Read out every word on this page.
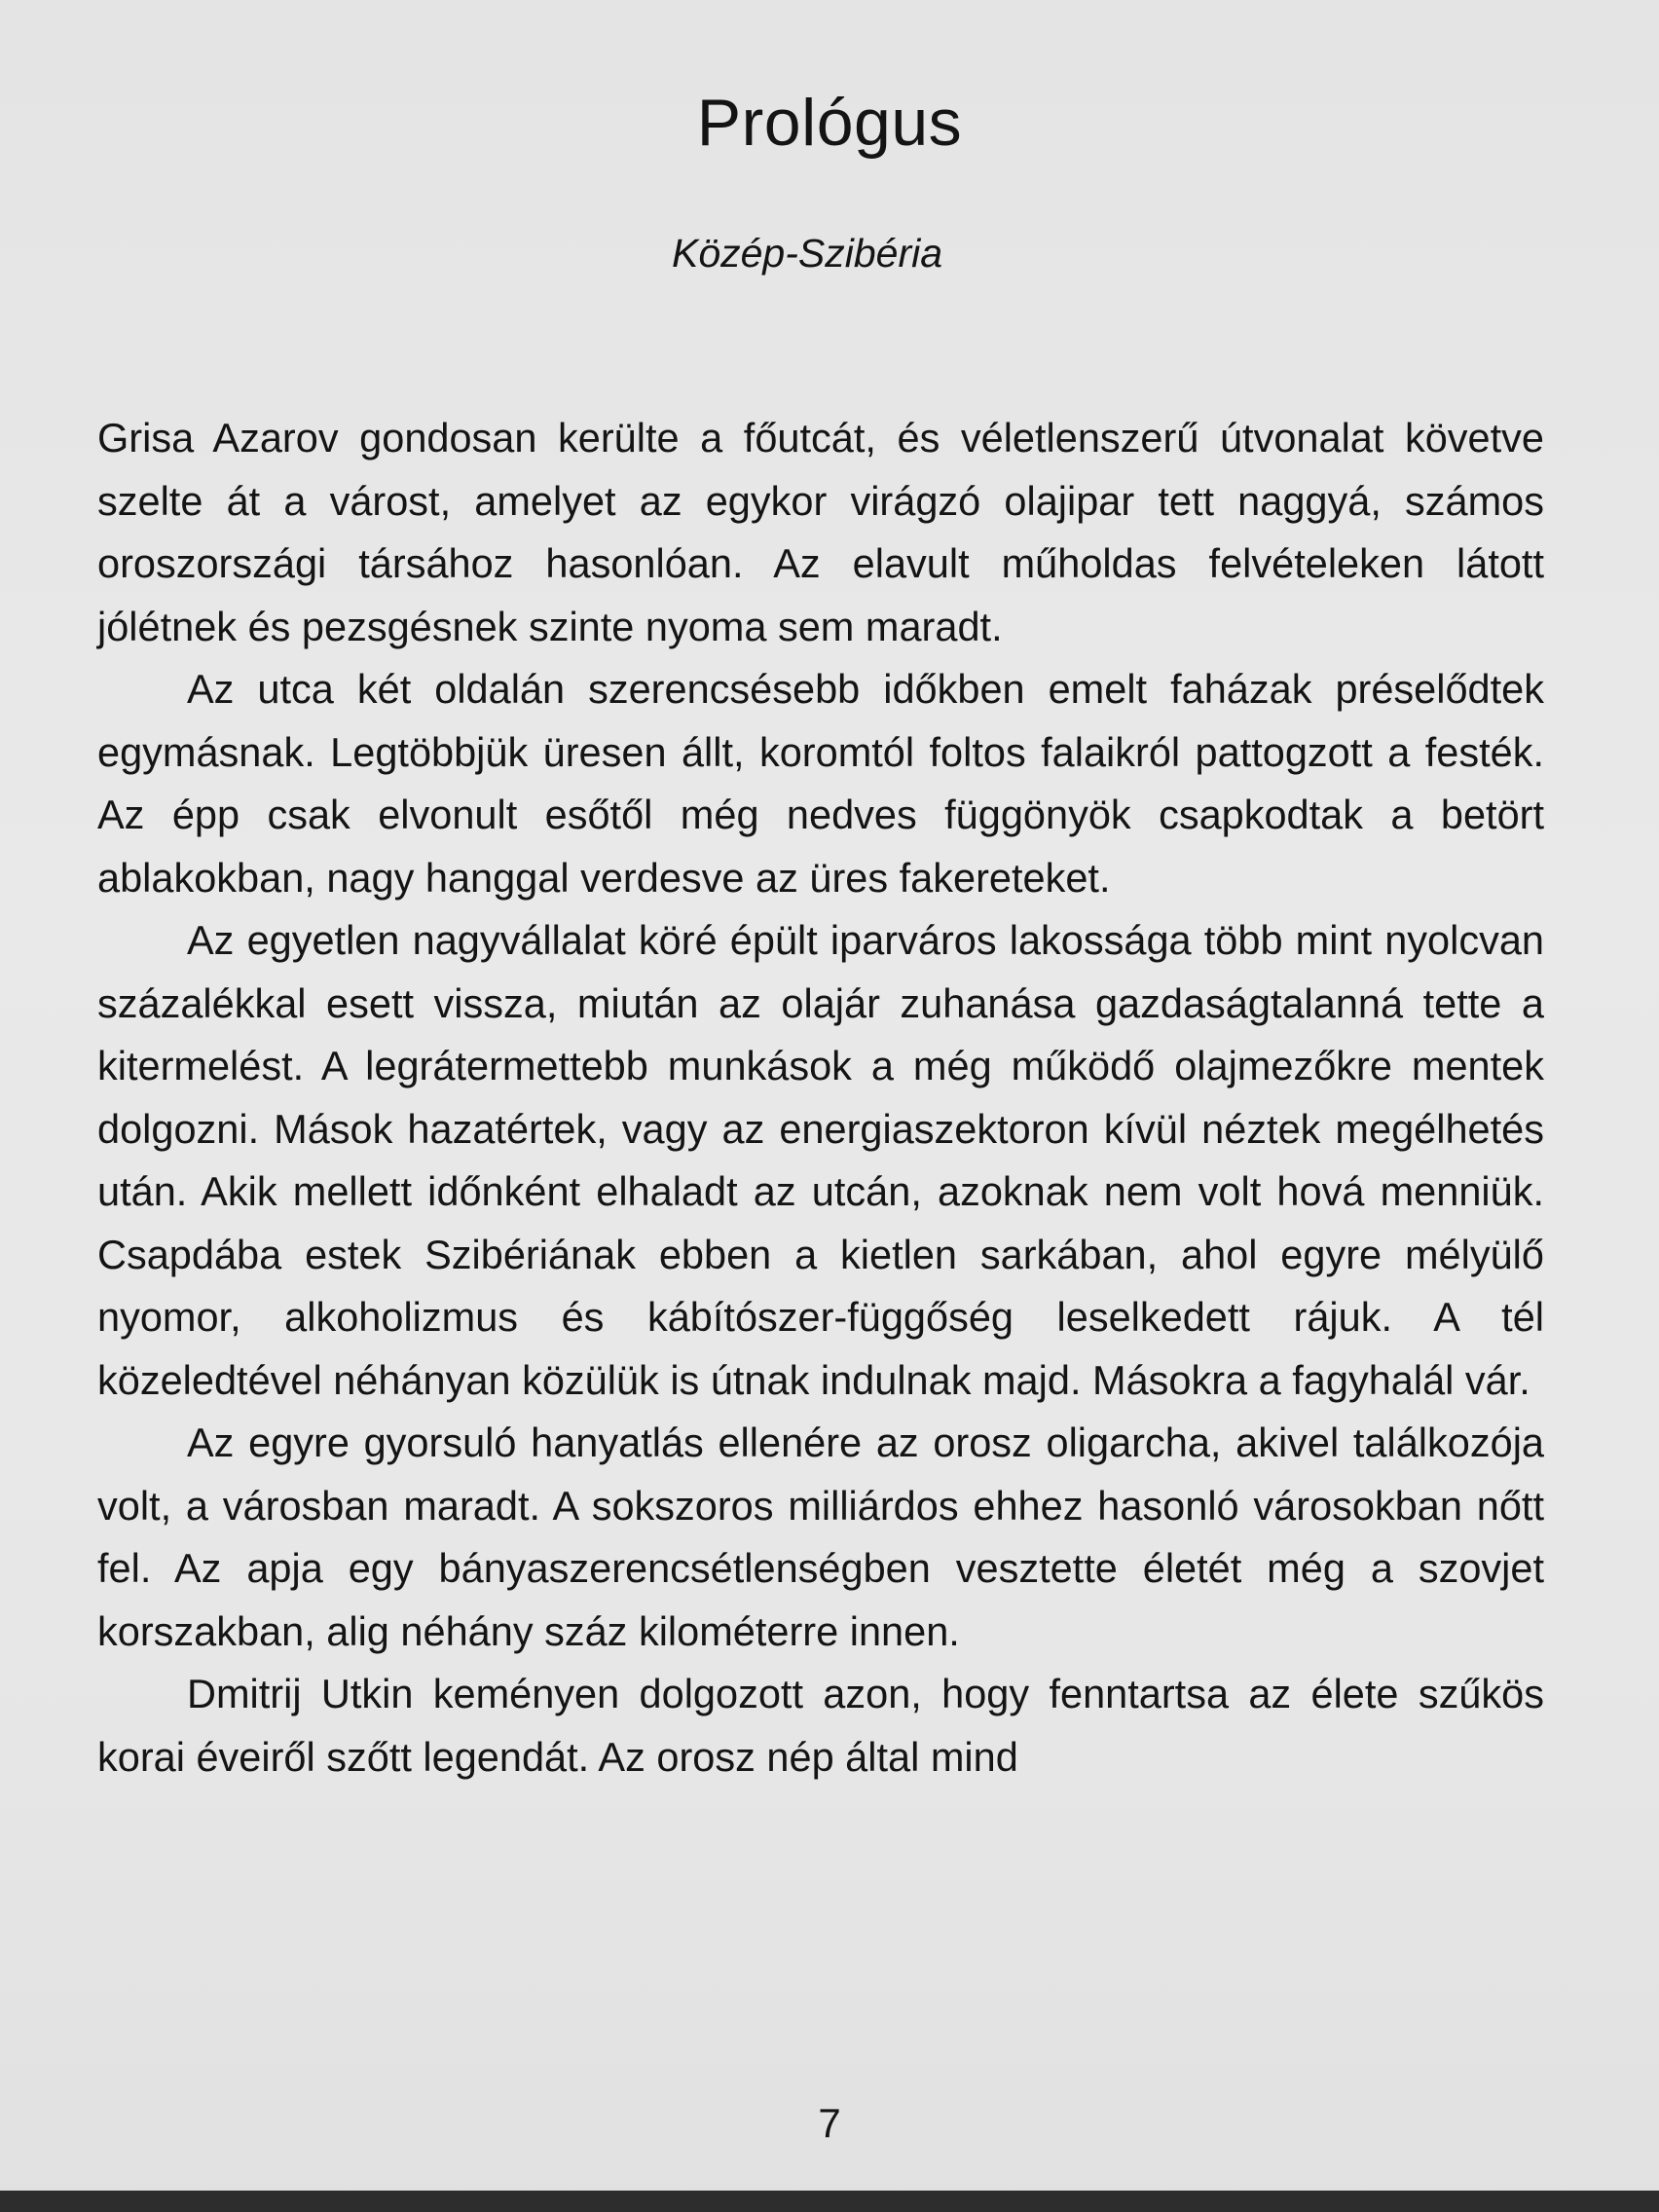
Prológus
Közép-Szibéria

Grisa Azarov gondosan kerülte a főutcát, és véletlenszerű útvonalat követve szelte át a várost, amelyet az egykor virágzó olajipar tett naggyá, számos oroszországi társához hasonlóan. Az elavult műholdas felvételeken látott jólétnek és pezsgésnek szinte nyoma sem maradt.

Az utca két oldalán szerencsésebb időkben emelt faházak préselődtek egymásnak. Legtöbbjük üresen állt, koromtól foltos falaikról pattogzott a festék. Az épp csak elvonult esőtől még nedves függönyök csapkodtak a betört ablakokban, nagy hanggal verdesve az üres fakereteket.

Az egyetlen nagyvállalat köré épült iparváros lakossága több mint nyolcvan százalékkal esett vissza, miután az olajár zuhanása gazdaságtalanná tette a kitermelést. A legrátermettebb munkások a még működő olajmezőkre mentek dolgozni. Mások hazatértek, vagy az energiaszektoron kívül néztek megélhetés után. Akik mellett időnként elhaladt az utcán, azoknak nem volt hová menniük. Csapdába estek Szibériának ebben a kietlen sarkában, ahol egyre mélyülő nyomor, alkoholizmus és kábítószer-függőség leselkedett rájuk. A tél közeledtével néhányan közülük is útnak indulnak majd. Másokra a fagyhalál vár.

Az egyre gyorsuló hanyatlás ellenére az orosz oligarcha, akivel találkozója volt, a városban maradt. A sokszoros milliárdos ehhez hasonló városokban nőtt fel. Az apja egy bányaszerencsétlenségben vesztette életét még a szovjet korszakban, alig néhány száz kilométerre innen.

Dmitrij Utkin keményen dolgozott azon, hogy fenntartsa az élete szűkös korai éveiről szőtt legendát. Az orosz nép által mind

7
